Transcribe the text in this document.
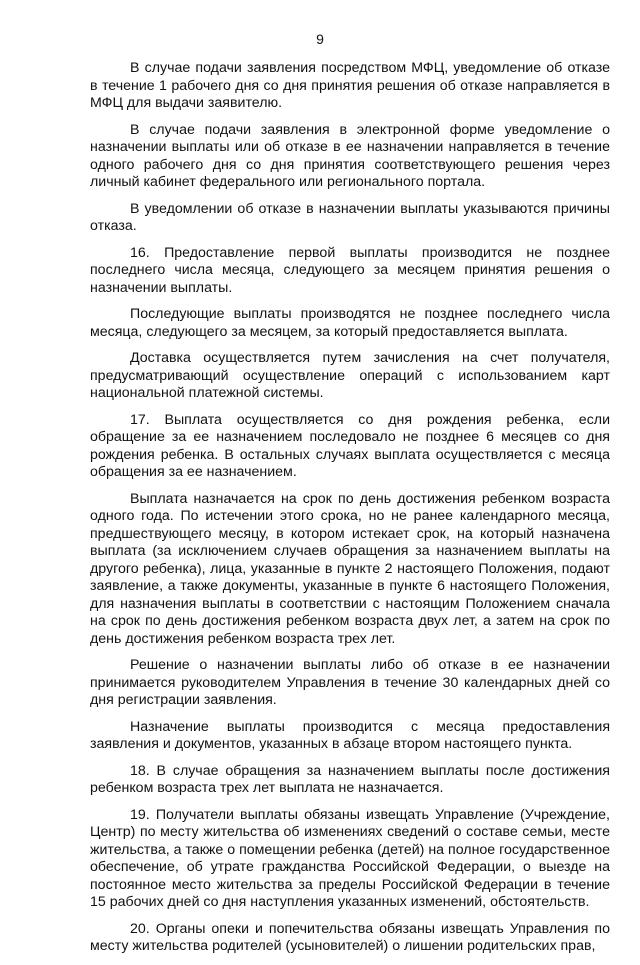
9

В случае подачи заявления посредством МФЦ, уведомление об отказе в течение 1 рабочего дня со дня принятия решения об отказе направляется в МФЦ для выдачи заявителю.

В случае подачи заявления в электронной форме уведомление о назначении выплаты или об отказе в ее назначении направляется в течение одного рабочего дня со дня принятия соответствующего решения через личный кабинет федерального или регионального портала.

В уведомлении об отказе в назначении выплаты указываются причины отказа.

16. Предоставление первой выплаты производится не позднее последнего числа месяца, следующего за месяцем принятия решения о назначении выплаты.

Последующие выплаты производятся не позднее последнего числа месяца, следующего за месяцем, за который предоставляется выплата.

Доставка осуществляется путем зачисления на счет получателя, предусматривающий осуществление операций с использованием карт национальной платежной системы.

17. Выплата осуществляется со дня рождения ребенка, если обращение за ее назначением последовало не позднее 6 месяцев со дня рождения ребенка. В остальных случаях выплата осуществляется с месяца обращения за ее назначением.

Выплата назначается на срок по день достижения ребенком возраста одного года. По истечении этого срока, но не ранее календарного месяца, предшествующего месяцу, в котором истекает срок, на который назначена выплата (за исключением случаев обращения за назначением выплаты на другого ребенка), лица, указанные в пункте 2 настоящего Положения, подают заявление, а также документы, указанные в пункте 6 настоящего Положения, для назначения выплаты в соответствии с настоящим Положением сначала на срок по день достижения ребенком возраста двух лет, а затем на срок по день достижения ребенком возраста трех лет.

Решение о назначении выплаты либо об отказе в ее назначении принимается руководителем Управления в течение 30 календарных дней со дня регистрации заявления.

Назначение выплаты производится с месяца предоставления заявления и документов, указанных в абзаце втором настоящего пункта.

18. В случае обращения за назначением выплаты после достижения ребенком возраста трех лет выплата не назначается.

19. Получатели выплаты обязаны извещать Управление (Учреждение, Центр) по месту жительства об изменениях сведений о составе семьи, месте жительства, а также о помещении ребенка (детей) на полное государственное обеспечение, об утрате гражданства Российской Федерации, о выезде на постоянное место жительства за пределы Российской Федерации в течение 15 рабочих дней со дня наступления указанных изменений, обстоятельств.

20. Органы опеки и попечительства обязаны извещать Управления по месту жительства родителей (усыновителей) о лишении родительских прав,
